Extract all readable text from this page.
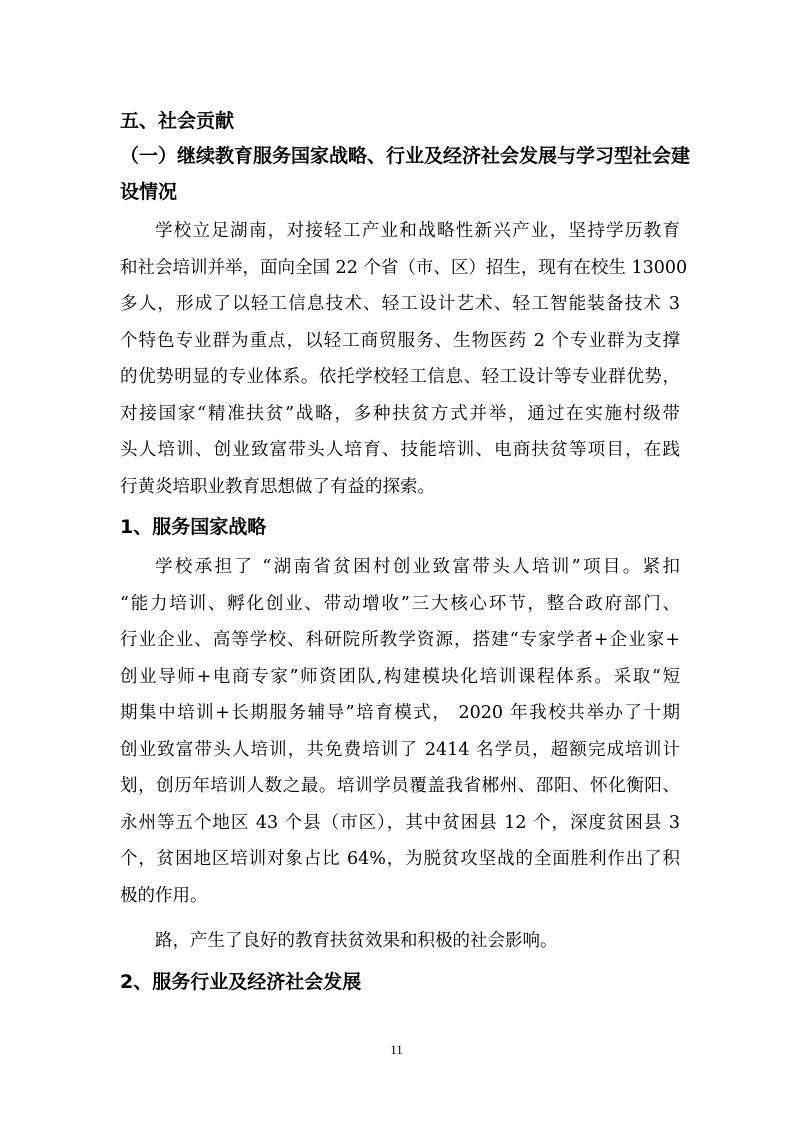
五、社会贡献
（一）继续教育服务国家战略、行业及经济社会发展与学习型社会建
设情况
学校立足湖南，对接轻工产业和战略性新兴产业，坚持学历教育
和社会培训并举，面向全国 22 个省（市、区）招生，现有在校生 13000
多人，形成了以轻工信息技术、轻工设计艺术、轻工智能装备技术 3
个特色专业群为重点，以轻工商贸服务、生物医药 2 个专业群为支撑
的优势明显的专业体系。依托学校轻工信息、轻工设计等专业群优势，
对接国家“精准扶贫”战略，多种扶贫方式并举，通过在实施村级带
头人培训、创业致富带头人培育、技能培训、电商扶贫等项目，在践
行黄炎培职业教育思想做了有益的探索。
1、服务国家战略
学校承担了 “湖南省贫困村创业致富带头人培训”项目。紧扣
“能力培训、孵化创业、带动增收”三大核心环节，整合政府部门、
行业企业、高等学校、科研院所教学资源，搭建“专家学者+企业家+
创业导师+电商专家”师资团队,构建模块化培训课程体系。采取“短
期集中培训+长期服务辅导”培育模式， 2020 年我校共举办了十期
创业致富带头人培训，共免费培训了 2414 名学员，超额完成培训计
划，创历年培训人数之最。培训学员覆盖我省郴州、邵阳、怀化衡阳、
永州等五个地区 43 个县（市区），其中贫困县 12 个，深度贫困县 3
个，贫困地区培训对象占比 64%，为脱贫攻坚战的全面胜利作出了积
极的作用。
路，产生了良好的教育扶贫效果和积极的社会影响。
2、服务行业及经济社会发展
11
